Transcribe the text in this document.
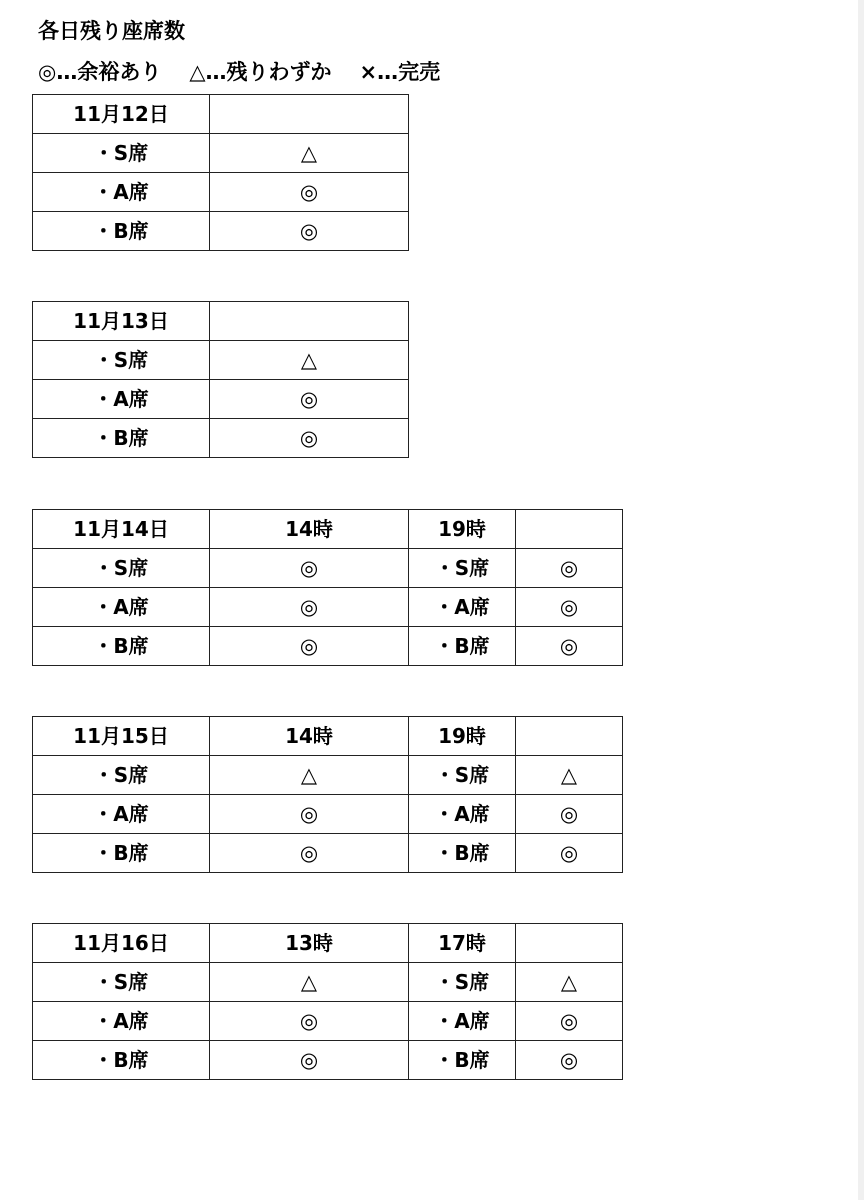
各日残り座席数
◎…余裕あり △…残りわずか ×…完売
11月12日	
・S席	△
・A席	◎
・B席	◎
11月13日	
・S席	△
・A席	◎
・B席	◎
11月14日	14時	19時	
・S席	◎	・S席	◎
・A席	◎	・A席	◎
・B席	◎	・B席	◎
11月15日	14時	19時	
・S席	△	・S席	△
・A席	◎	・A席	◎
・B席	◎	・B席	◎
11月16日	13時	17時	
・S席	△	・S席	△
・A席	◎	・A席	◎
・B席	◎	・B席	◎
